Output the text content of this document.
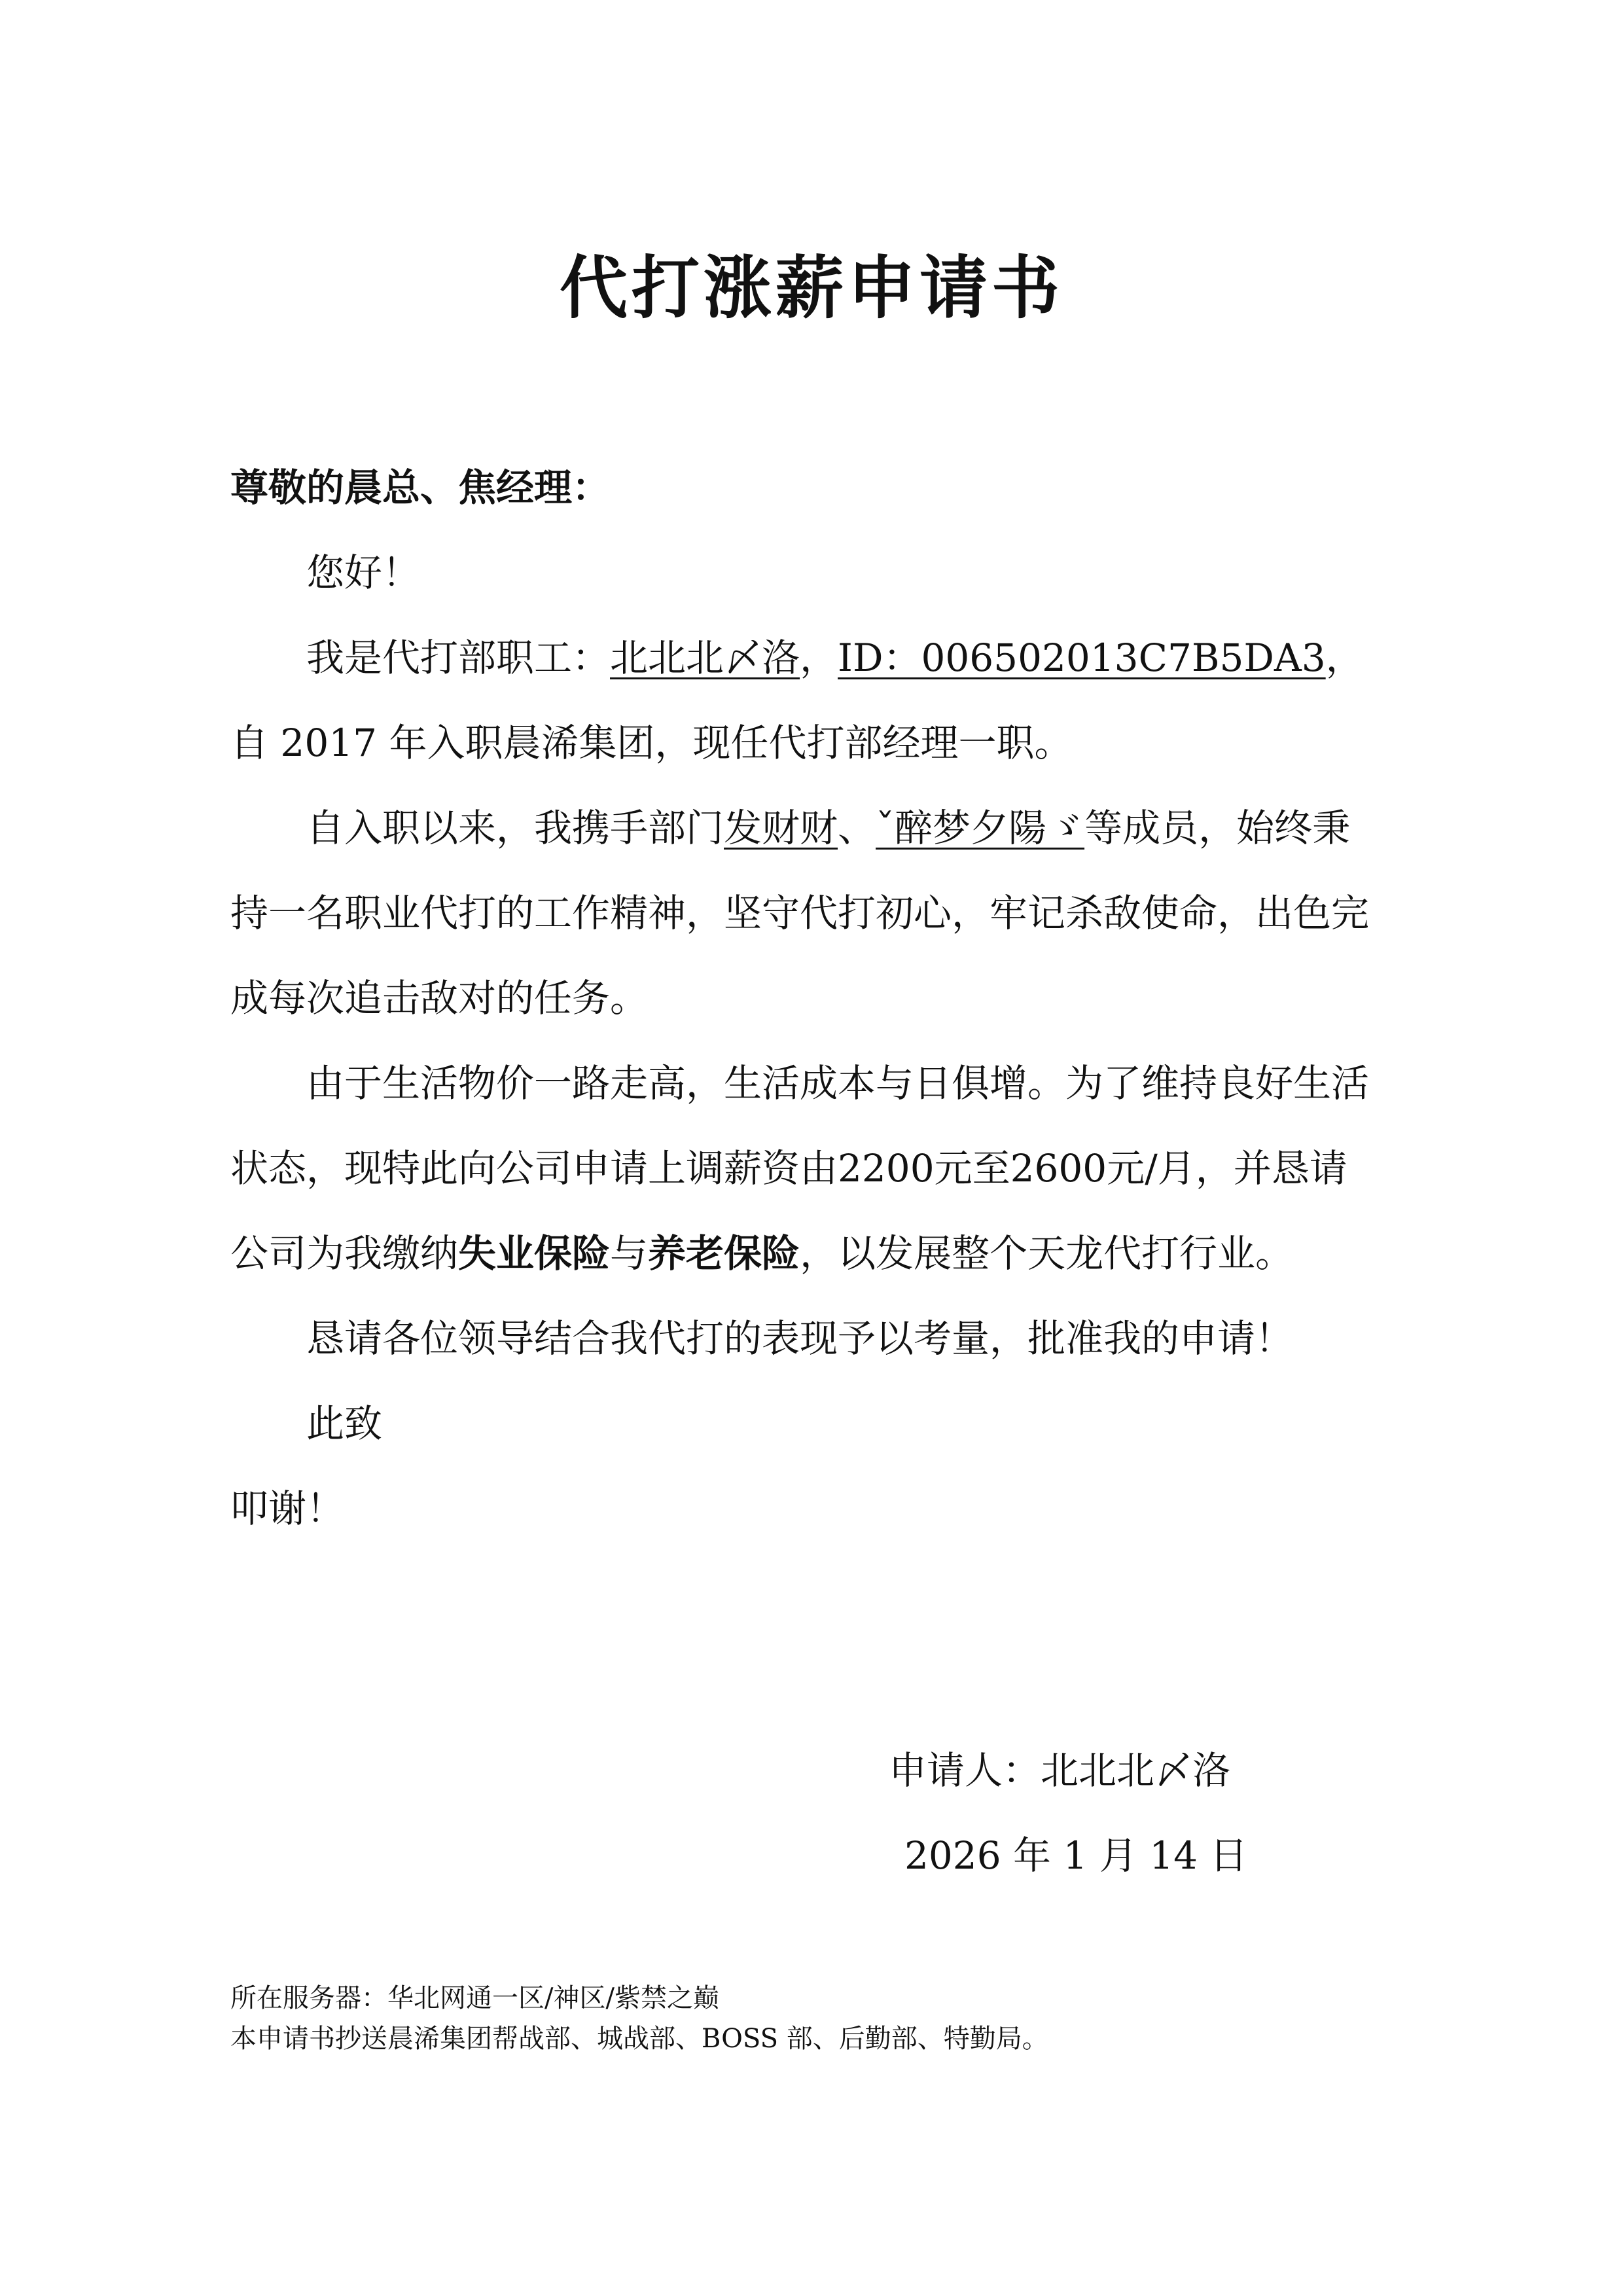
代打涨薪申请书
尊敬的晨总、焦经理：

您好！

我是代打部职工：北北北〆洛，ID：006502013C7B5DA3，自 2017 年入职晨浠集团，现任代打部经理一职。

自入职以来，我携手部门发财财、ˇ醉梦夕陽ゞ等成员，始终秉持一名职业代打的工作精神，坚守代打初心，牢记杀敌使命，出色完成每次追击敌对的任务。

由于生活物价一路走高，生活成本与日俱增。为了维持良好生活状态，现特此向公司申请上调薪资由2200元至2600元/月，并恳请公司为我缴纳失业保险与养老保险，以发展整个天龙代打行业。

恳请各位领导结合我代打的表现予以考量，批准我的申请！

此致

叩谢！

申请人：北北北〆洛
2026 年 1 月 14 日
所在服务器：华北网通一区/神区/紫禁之巅
本申请书抄送晨浠集团帮战部、城战部、BOSS 部、后勤部、特勤局。
